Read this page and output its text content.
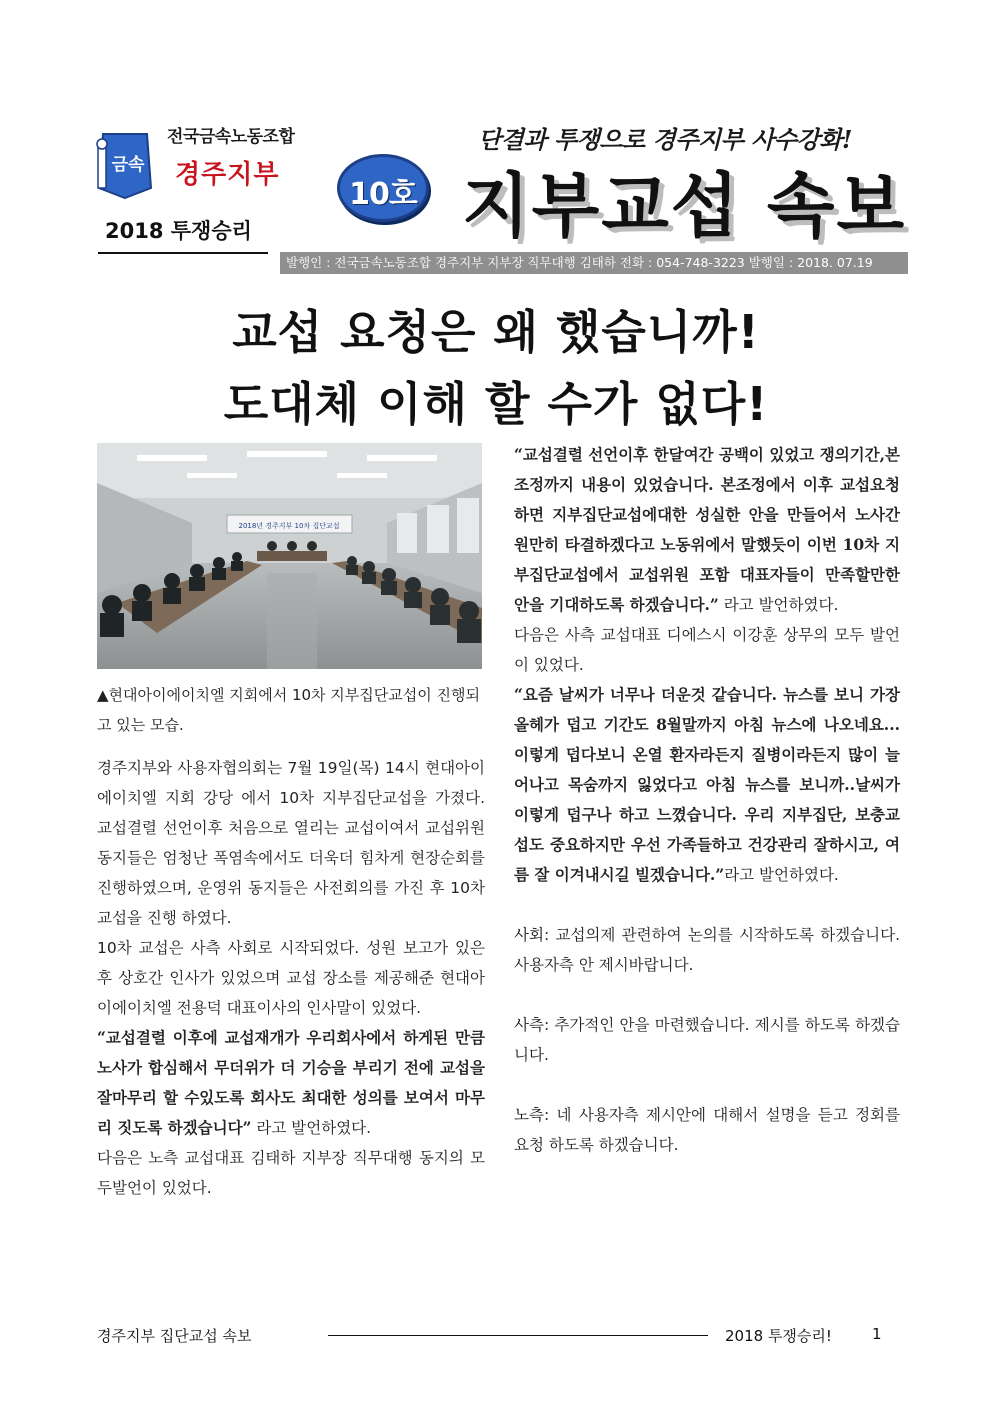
금속
전국금속노동조합
경주지부
2018 투쟁승리
10호
단결과 투쟁으로 경주지부 사수강화!
지부교섭 속보
발행인 : 전국금속노동조합 경주지부 지부장 직무대행 김태하 전화 : 054-748-3223 발행일 : 2018. 07.19
교섭 요청은 왜 했습니까!
도대체 이해 할 수가 없다!
2018년 경주지부 10차 집단교섭
▲현대아이에이치엘 지회에서 10차 지부집단교섭이 진행되고 있는 모습.

경주지부와 사용자협의회는 7월 19일(목) 14시 현대아이에이치엘 지회 강당 에서 10차 지부집단교섭을 가졌다. 교섭결렬 선언이후 처음으로 열리는 교섭이여서 교섭위원 동지들은 엄청난 폭염속에서도 더욱더 힘차게 현장순회를 진행하였으며, 운영위 동지들은 사전회의를 가진 후 10차 교섭을 진행 하였다.

10차 교섭은 사측 사회로 시작되었다. 성원 보고가 있은 후 상호간 인사가 있었으며 교섭 장소를 제공해준 현대아이에이치엘 전용덕 대표이사의 인사말이 있었다.

“교섭결렬 이후에 교섭재개가 우리회사에서 하게된 만큼 노사가 합심해서 무더위가 더 기승을 부리기 전에 교섭을 잘마무리 할 수있도록 회사도 최대한 성의를 보여서 마무리 짓도록 하겠습니다” 라고 발언하였다.

다음은 노측 교섭대표 김태하 지부장 직무대행 동지의 모두발언이 있었다.

“교섭결렬 선언이후 한달여간 공백이 있었고 쟁의기간,본조정까지 내용이 있었습니다. 본조정에서 이후 교섭요청하면 지부집단교섭에대한 성실한 안을 만들어서 노사간 원만히 타결하겠다고 노동위에서 말했듯이 이번 10차 지부집단교섭에서 교섭위원 포함 대표자들이 만족할만한 안을 기대하도록 하겠습니다.” 라고 발언하였다.

다음은 사측 교섭대표 디에스시 이강훈 상무의 모두 발언이 있었다.

“요즘 날씨가 너무나 더운것 같습니다. 뉴스를 보니 가장 올헤가 덥고 기간도 8월말까지 아침 뉴스에 나오네요...이렇게 덥다보니 온열 환자라든지 질병이라든지 많이 늘어나고 목숨까지 잃었다고 아침 뉴스를 보니까..날씨가 이렇게 덥구나 하고 느꼈습니다. 우리 지부집단, 보충교섭도 중요하지만 우선 가족들하고 건강관리 잘하시고, 여름 잘 이겨내시길 빌겠습니다.”라고 발언하였다.

사회: 교섭의제 관련하여 논의를 시작하도록 하겠습니다. 사용자측 안 제시바랍니다.

사측: 추가적인 안을 마련했습니다. 제시를 하도록 하겠습니다.

노측: 네 사용자측 제시안에 대해서 설명을 듣고 정회를 요청 하도록 하겠습니다.

경주지부 집단교섭 속보	2018 투쟁승리!	1
